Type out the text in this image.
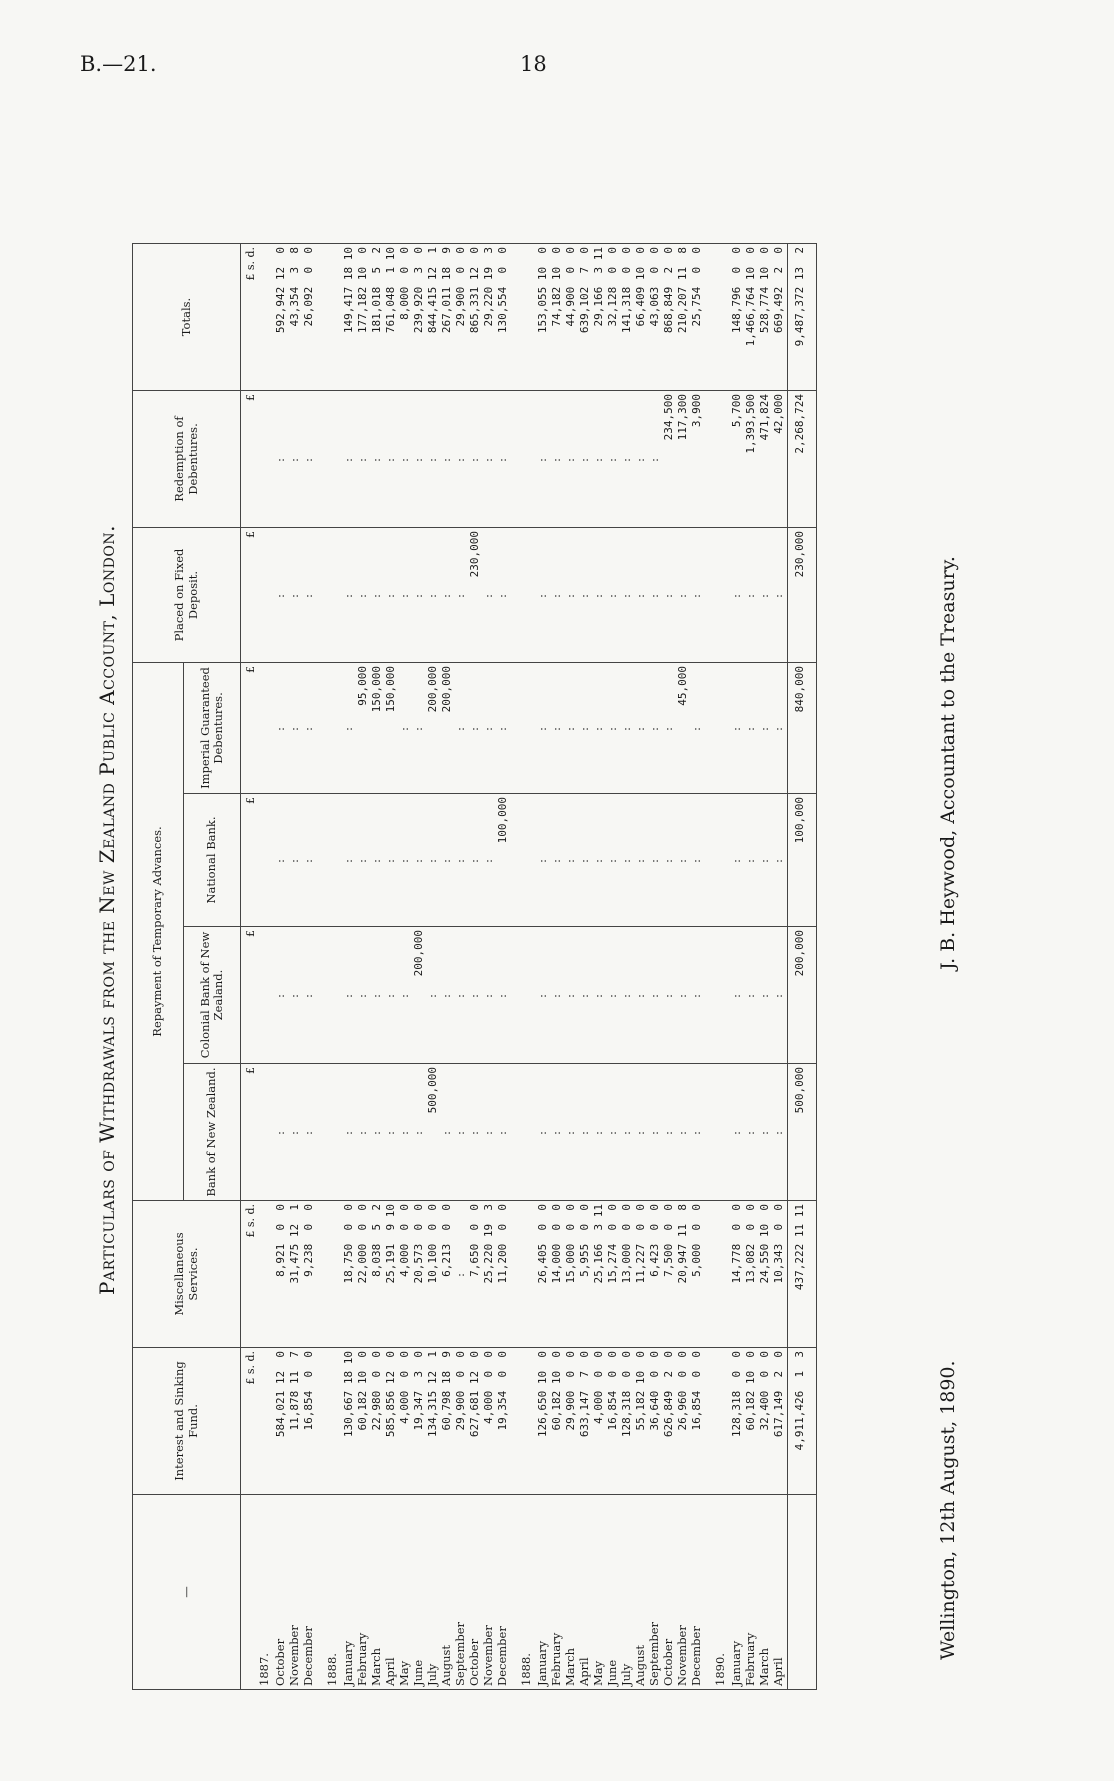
B.—21.	18
Particulars of Withdrawals from the New Zealand Public Account, London.
—	Interest and Sinking Fund.	Miscellaneous Services.	Repayment of Temporary Advances.				Placed on Fixed Deposit.	Redemption of Debentures.	Totals.
			Bank of New Zealand.	Colonial Bank of New Zealand.	National Bank.	Imperial Guaranteed Debentures.			
	£ s. d.	£ s. d.	£	£	£	£	£	£	£ s. d.
1887.									
October	584,021 12  0	8,921  0  0	:	:	:	:	:	:	592,942 12  0
November	11,878 11  7	31,475 12  1	:	:	:	:	:	:	43,354  3  8
December	16,854  0  0	9,238  0  0	:	:	:	:	:	:	26,092  0  0

1888.									
January	130,667 18 10	18,750  0  0	:	:	:	:	:	:	149,417 18 10
February	60,182 10  0	22,000  0  0	:	:	:	95,000	:	:	177,182 10  0
March	22,980  0  0	8,038  5  2	:	:	:	150,000	:	:	181,018  5  2
April	585,856 12  0	25,191  9 10	:	:	:	150,000	:	:	761,048  1 10
May	4,000  0  0	4,000  0  0	:	:	:	:	:	:	8,000  0  0
June	19,347  3  0	20,573  0  0	:	200,000	:	:	:	:	239,920  3  0
July	134,315 12  1	10,100  0  0	500,000	:	:	200,000	:	:	844,415 12  1
August	60,798 18  9	6,213  0  0	:	:	:	200,000	:	:	267,011 18  9
September	29,900  0  0	:	:	:	:	:	:	:	29,900  0  0
October	627,681 12  0	7,650  0  0	:	:	:	:	230,000	:	865,331 12  0
November	4,000  0  0	25,220 19  3	:	:	:	:	:	:	29,220 19  3
December	19,354  0  0	11,200  0  0	:	:	100,000	:	:	:	130,554  0  0

1888.									
January	126,650 10  0	26,405  0  0	:	:	:	:	:	:	153,055 10  0
February	60,182 10  0	14,000  0  0	:	:	:	:	:	:	74,182 10  0
March	29,900  0  0	15,000  0  0	:	:	:	:	:	:	44,900  0  0
April	633,147  7  0	5,955  0  0	:	:	:	:	:	:	639,102  7  0
May	4,000  0  0	25,166  3 11	:	:	:	:	:	:	29,166  3 11
June	16,854  0  0	15,274  0  0	:	:	:	:	:	:	32,128  0  0
July	128,318  0  0	13,000  0  0	:	:	:	:	:	:	141,318  0  0
August	55,182 10  0	11,227  0  0	:	:	:	:	:	:	66,409 10  0
September	36,640  0  0	6,423  0  0	:	:	:	:	:	:	43,063  0  0
October	626,849  2  0	7,500  0  0	:	:	:	:	:	234,500	868,849  2  0
November	26,960  0  0	20,947 11  8	:	:	:	45,000	:	117,300	210,207 11  8
December	16,854  0  0	5,000  0  0	:	:	:	:	:	3,900	25,754  0  0

1890.									
January	128,318  0  0	14,778  0  0	:	:	:	:	:	5,700	148,796  0  0
February	60,182 10  0	13,082  0  0	:	:	:	:	:	1,393,500	1,466,764 10  0
March	32,400  0  0	24,550 10  0	:	:	:	:	:	471,824	528,774 10  0
April	617,149  2  0	10,343  0  0	:	:	:	:	:	42,000	669,492  2  0
	4,911,426  1  3	437,222 11 11	500,000	200,000	100,000	840,000	230,000	2,268,724	9,487,372 13  2
Wellington, 12th August, 1890.
J. B. Heywood, Accountant to the Treasury.
